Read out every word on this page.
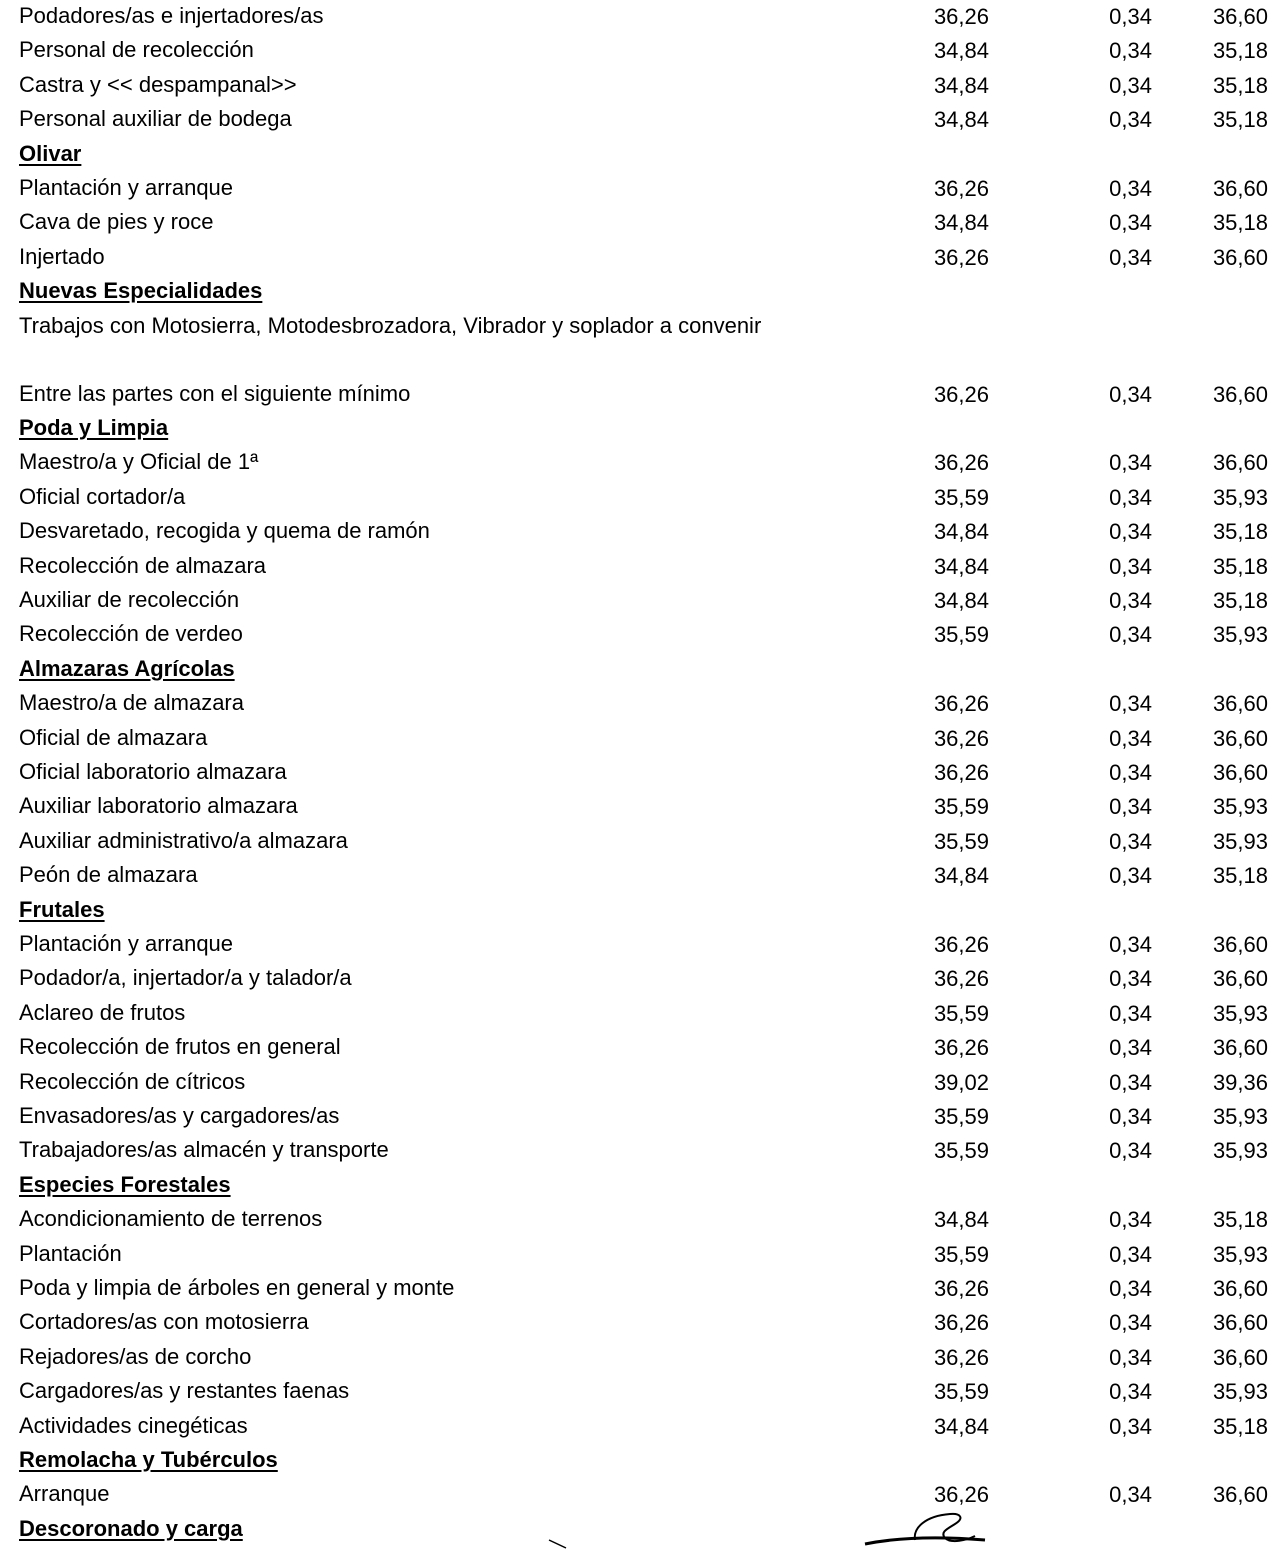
Podadores/as e injertadores/as	36,26	0,34	36,60
Personal de recolección	34,84	0,34	35,18
Castra y << despampanal>>	34,84	0,34	35,18
Personal auxiliar de bodega	34,84	0,34	35,18
Olivar
Plantación y arranque	36,26	0,34	36,60
Cava de pies y roce	34,84	0,34	35,18
Injertado	36,26	0,34	36,60
Nuevas Especialidades
Trabajos con Motosierra, Motodesbrozadora, Vibrador y soplador a convenir
Entre las partes con el siguiente mínimo	36,26	0,34	36,60
Poda y Limpia
Maestro/a y Oficial de 1ª	36,26	0,34	36,60
Oficial cortador/a	35,59	0,34	35,93
Desvaretado, recogida y quema de ramón	34,84	0,34	35,18
Recolección de almazara	34,84	0,34	35,18
Auxiliar de recolección	34,84	0,34	35,18
Recolección de verdeo	35,59	0,34	35,93
Almazaras Agrícolas
Maestro/a de almazara	36,26	0,34	36,60
Oficial de almazara	36,26	0,34	36,60
Oficial laboratorio almazara	36,26	0,34	36,60
Auxiliar laboratorio almazara	35,59	0,34	35,93
Auxiliar administrativo/a almazara	35,59	0,34	35,93
Peón de almazara	34,84	0,34	35,18
Frutales
Plantación y arranque	36,26	0,34	36,60
Podador/a, injertador/a y talador/a	36,26	0,34	36,60
Aclareo de frutos	35,59	0,34	35,93
Recolección de frutos en general	36,26	0,34	36,60
Recolección de cítricos	39,02	0,34	39,36
Envasadores/as y cargadores/as	35,59	0,34	35,93
Trabajadores/as almacén y transporte	35,59	0,34	35,93
Especies Forestales
Acondicionamiento de terrenos	34,84	0,34	35,18
Plantación	35,59	0,34	35,93
Poda y limpia de árboles en general y monte	36,26	0,34	36,60
Cortadores/as con motosierra	36,26	0,34	36,60
Rejadores/as de corcho	36,26	0,34	36,60
Cargadores/as y restantes faenas	35,59	0,34	35,93
Actividades cinegéticas	34,84	0,34	35,18
Remolacha y Tubérculos
Arranque	36,26	0,34	36,60
Descoronado y carga
